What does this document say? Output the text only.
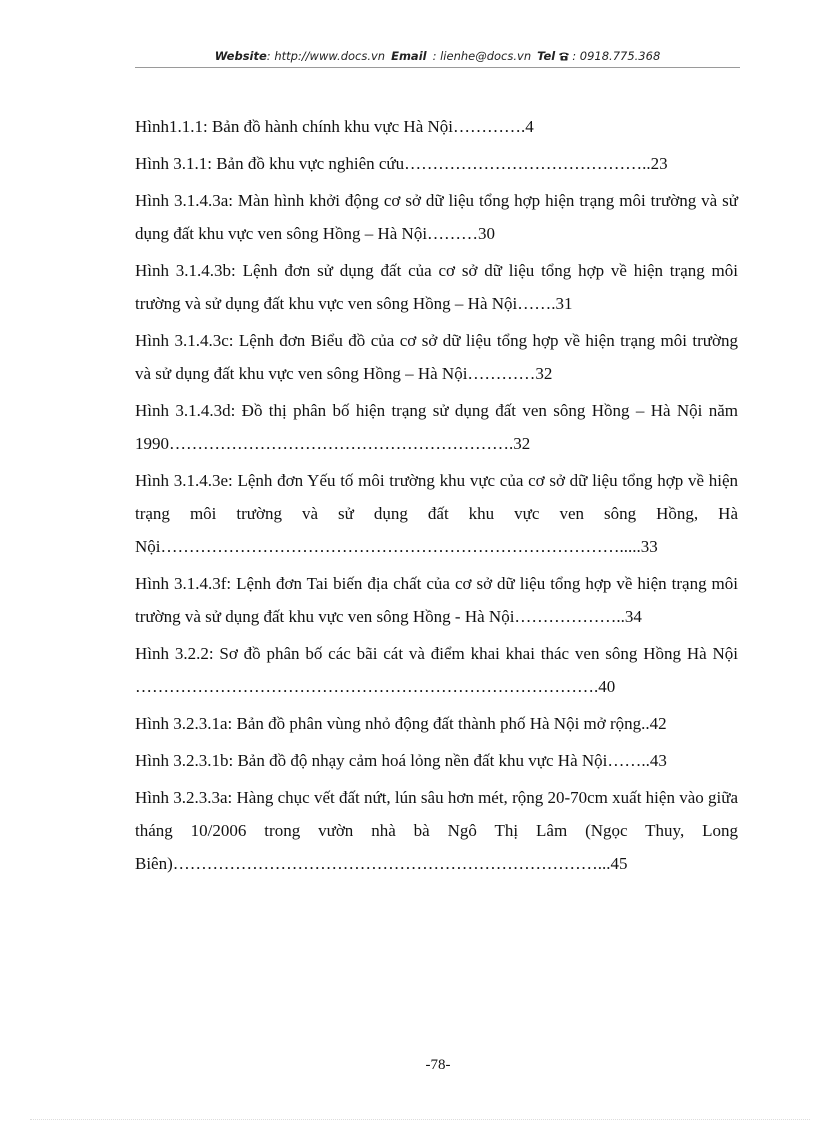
Website: http://www.docs.vn Email : lienhe@docs.vn Tel : 0918.775.368

Hình1.1.1: Bản đồ hành chính khu vực Hà Nội………….4

Hình 3.1.1: Bản đồ khu vực nghiên cứu……………………………………..23

Hình 3.1.4.3a: Màn hình khởi động cơ sở dữ liệu tổng hợp hiện trạng môi trường và sử dụng đất khu vực ven sông Hồng – Hà Nội………30

Hình 3.1.4.3b: Lệnh đơn sử dụng đất của cơ sở dữ liệu tổng hợp về hiện trạng môi trường và sử dụng đất khu vực ven sông Hồng – Hà Nội…….31

Hình 3.1.4.3c: Lệnh đơn Biểu đồ của cơ sở dữ liệu tổng hợp về hiện trạng môi trường và sử dụng đất khu vực ven sông Hồng – Hà Nội…………32

Hình 3.1.4.3d: Đồ thị phân bố hiện trạng sử dụng đất ven sông Hồng – Hà Nội năm 1990…………………………………………………….32

Hình 3.1.4.3e: Lệnh đơn Yếu tố môi trường khu vực của cơ sở dữ liệu tổng hợp về hiện trạng môi trường và sử dụng đất khu vực ven sông Hồng, Hà Nội……………………………………………………………………….....33

Hình 3.1.4.3f: Lệnh đơn Tai biến địa chất của cơ sở dữ liệu tổng hợp về hiện trạng môi trường và sử dụng đất khu vực ven sông Hồng - Hà Nội………………..34

Hình 3.2.2: Sơ đồ phân bố các bãi cát và điểm khai khai thác ven sông Hồng Hà Nội ……………………………………………………………………….40

Hình 3.2.3.1a: Bản đồ phân vùng nhỏ động đất thành phố Hà Nội mở rộng..42

Hình 3.2.3.1b: Bản đồ độ nhạy cảm hoá lỏng nền đất khu vực Hà Nội……..43

Hình 3.2.3.3a: Hàng chục vết đất nứt, lún sâu hơn mét, rộng 20-70cm xuất hiện vào giữa tháng 10/2006 trong vườn nhà bà Ngô Thị Lâm (Ngọc Thuy, Long Biên)…………………………………………………………………...45

-78-
